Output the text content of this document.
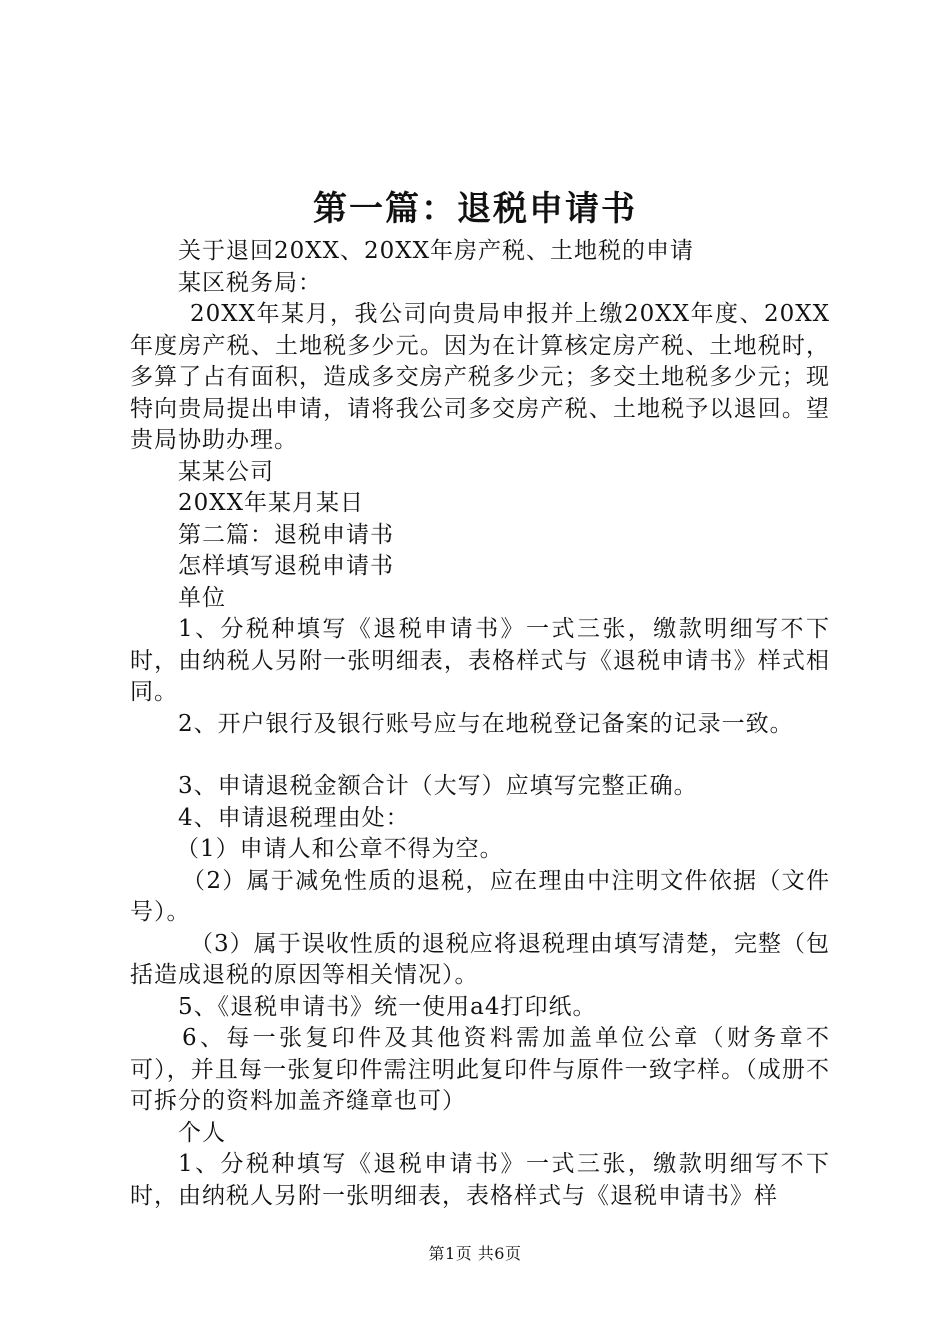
第一篇：退税申请书

关于退回20XX、20XX年房产税、土地税的申请

某区税务局：

20XX年某月，我公司向贵局申报并上缴20XX年度、20XX年度房产税、土地税多少元。因为在计算核定房产税、土地税时，多算了占有面积，造成多交房产税多少元；多交土地税多少元；现特向贵局提出申请，请将我公司多交房产税、土地税予以退回。望贵局协助办理。

某某公司

20XX年某月某日

第二篇：退税申请书

怎样填写退税申请书

单位

1、分税种填写《退税申请书》一式三张，缴款明细写不下时，由纳税人另附一张明细表，表格样式与《退税申请书》样式相同。

2、开户银行及银行账号应与在地税登记备案的记录一致。

3、申请退税金额合计（大写）应填写完整正确。

4、申请退税理由处：

（1）申请人和公章不得为空。

（2）属于减免性质的退税，应在理由中注明文件依据（文件号）。

（3）属于误收性质的退税应将退税理由填写清楚，完整（包括造成退税的原因等相关情况）。

5、《退税申请书》统一使用a4打印纸。

6、每一张复印件及其他资料需加盖单位公章（财务章不可），并且每一张复印件需注明此复印件与原件一致字样。（成册不可拆分的资料加盖齐缝章也可）

个人

1、分税种填写《退税申请书》一式三张，缴款明细写不下时，由纳税人另附一张明细表，表格样式与《退税申请书》样

第1页 共6页
